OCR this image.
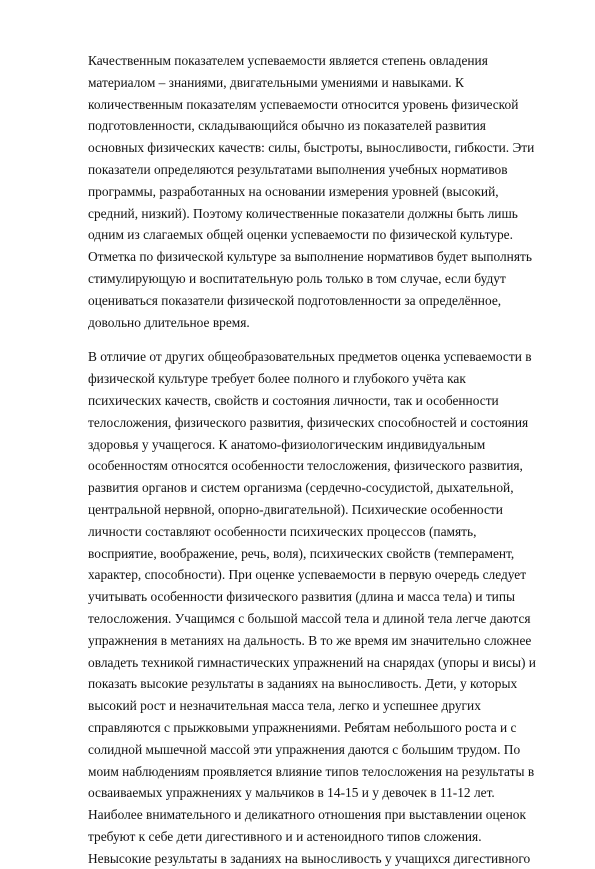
Качественным показателем успеваемости является степень овладения
материалом – знаниями, двигательными умениями и навыками. К
количественным показателям успеваемости относится уровень физической
подготовленности, складывающийся обычно из показателей развития
основных физических качеств: силы, быстроты, выносливости, гибкости. Эти
показатели определяются результатами выполнения учебных нормативов
программы, разработанных на основании измерения уровней (высокий,
средний, низкий). Поэтому количественные показатели должны быть лишь
одним из слагаемых общей оценки успеваемости по физической культуре.
Отметка по физической культуре за выполнение нормативов будет выполнять
стимулирующую и воспитательную роль только в том случае, если будут
оцениваться показатели физической подготовленности за определённое,
довольно длительное время.
В отличие от других общеобразовательных предметов оценка успеваемости в
физической культуре требует более полного и глубокого учёта как
психических качеств, свойств и состояния личности, так и особенности
телосложения, физического развития, физических способностей и состояния
здоровья у учащегося. К анатомо-физиологическим индивидуальным
особенностям относятся особенности телосложения, физического развития,
развития органов и систем организма (сердечно-сосудистой, дыхательной,
центральной нервной, опорно-двигательной). Психические особенности
личности составляют особенности психических процессов (память,
восприятие, воображение, речь, воля), психических свойств (темперамент,
характер, способности). При оценке успеваемости в первую очередь следует
учитывать особенности физического развития (длина и масса тела) и типы
телосложения. Учащимся с большой массой тела и длиной тела легче даются
упражнения в метаниях на дальность. В то же время им значительно сложнее
овладеть техникой гимнастических упражнений на снарядах (упоры и висы) и
показать высокие результаты в заданиях на выносливость. Дети, у которых
высокий рост и незначительная масса тела, легко и успешнее других
справляются с прыжковыми упражнениями. Ребятам небольшого роста и с
солидной мышечной массой эти упражнения даются с большим трудом. По
моим наблюдениям проявляется влияние типов телосложения на результаты в
осваиваемых упражнениях у мальчиков в 14-15 и у девочек в 11-12 лет.
Наиболее внимательного и деликатного отношения при выставлении оценок
требуют к себе дети дигестивного и и астеноидного типов сложения.
Невысокие результаты в заданиях на выносливость у учащихся дигестивного
